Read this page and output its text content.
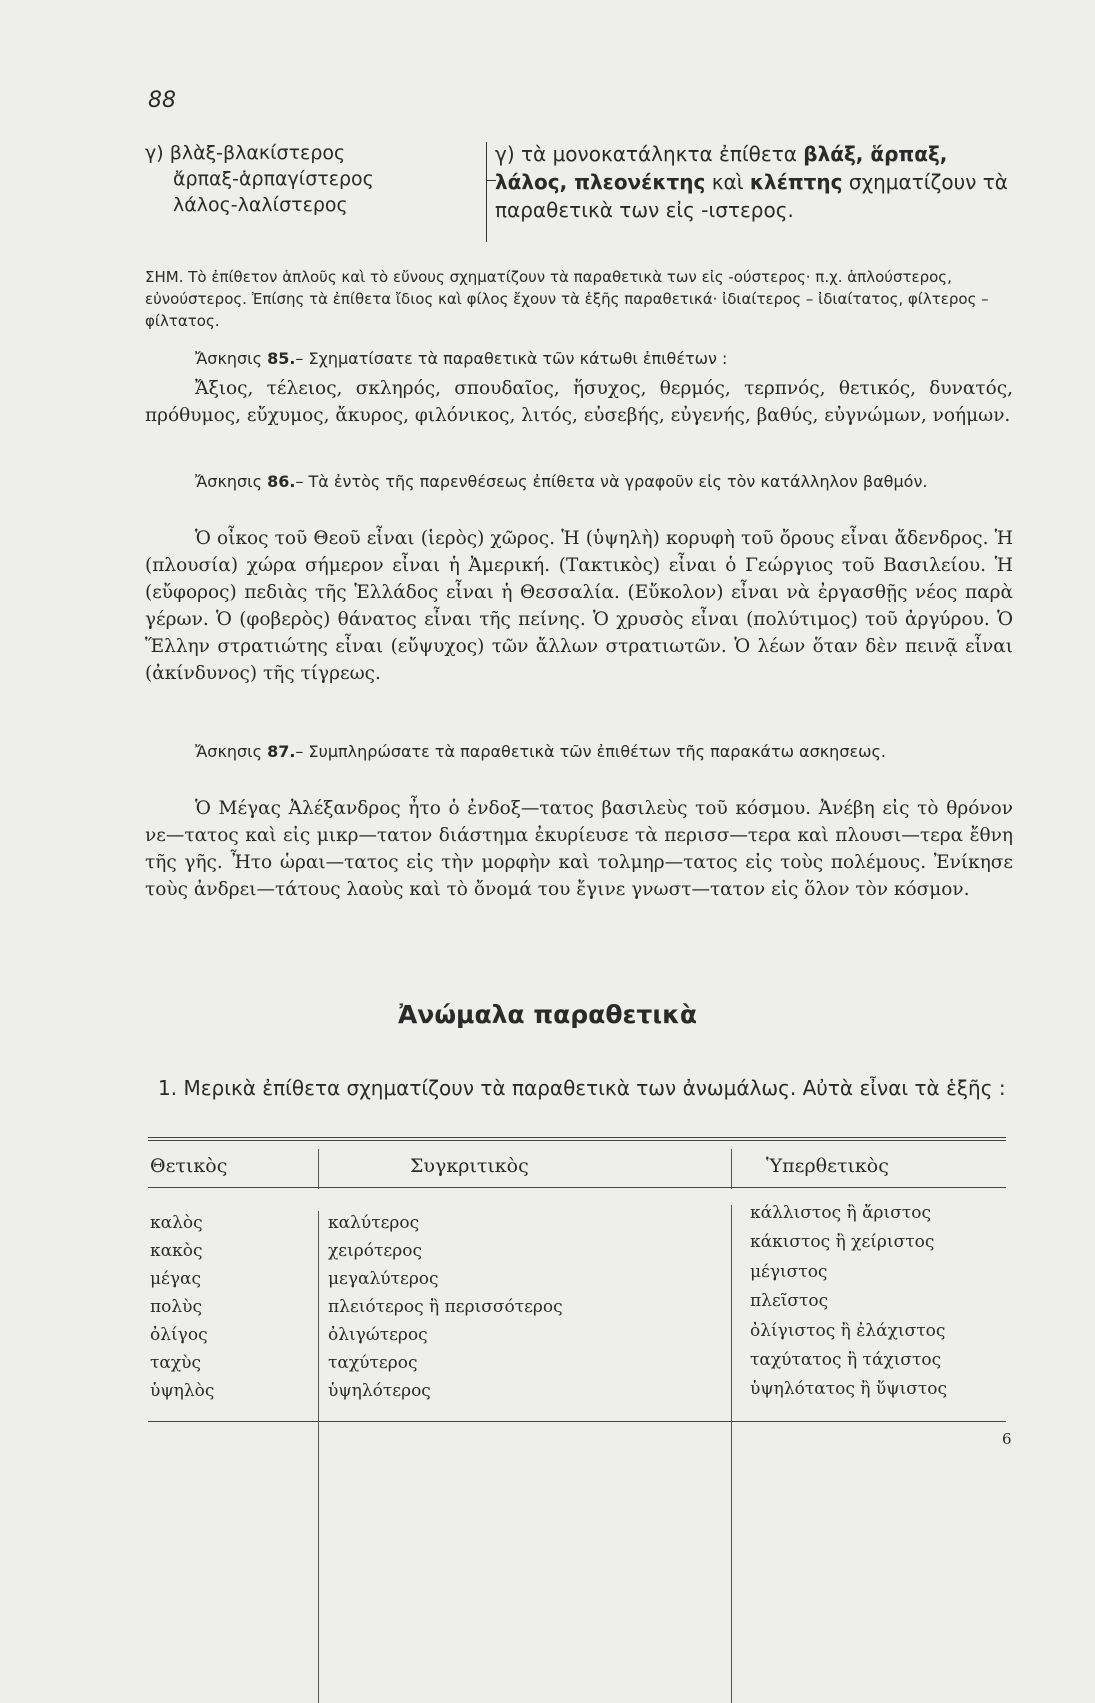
88
γ) βλὰξ-βλακίστερος
ἄρπαξ-ἁρπαγίστερος
λάλος-λαλίστερος
γ) τὰ μονοκατάληκτα ἐπίθετα βλάξ, ἅρπαξ, λάλος, πλεονέκτης καὶ κλέπτης σχηματίζουν τὰ παραθετικὰ των εἰς -ιστερος.
ΣΗΜ. Τὸ ἐπίθετον ἁπλοῦς καὶ τὸ εὔνους σχηματίζουν τὰ παραθετικὰ των εἰς -ούστερος· π.χ. ἁπλούστερος, εὐνούστερος. Ἐπίσης τὰ ἐπίθετα ἴδιος καὶ φίλος ἔχουν τὰ ἑξῆς παραθετικά· ἰδιαίτερος – ἰδιαίτατος, φίλτερος – φίλτατος.
Ἄσκησις 85.– Σχηματίσατε τὰ παραθετικὰ τῶν κάτωθι ἐπιθέτων :
Ἄξιος, τέλειος, σκληρός, σπουδαῖος, ἥσυχος, θερμός, τερπνός, θετικός, δυνατός, πρόθυμος, εὔχυμος, ἄκυρος, φιλόνικος, λιτός, εὐσεβής, εὐγενής, βαθύς, εὐγνώμων, νοήμων.
Ἄσκησις 86.– Τὰ ἐντὸς τῆς παρενθέσεως ἐπίθετα νὰ γραφοῦν εἰς τὸν κατάλληλον βαθμόν.
Ὁ οἶκος τοῦ Θεοῦ εἶναι (ἱερὸς) χῶρος. Ἡ (ὑψηλὴ) κορυφὴ τοῦ ὄρους εἶναι ἄδενδρος. Ἡ (πλουσία) χώρα σήμερον εἶναι ἡ Ἀμερική. (Τακτικὸς) εἶναι ὁ Γεώργιος τοῦ Βασιλείου. Ἡ (εὔφορος) πεδιὰς τῆς Ἑλλάδος εἶναι ἡ Θεσσαλία. (Εὔκολον) εἶναι νὰ ἐργασθῇς νέος παρὰ γέρων. Ὁ (φοβερὸς) θάνατος εἶναι τῆς πείνης. Ὁ χρυσὸς εἶναι (πολύτιμος) τοῦ ἀργύρου. Ὁ Ἕλλην στρατιώτης εἶναι (εὔψυχος) τῶν ἄλλων στρατιωτῶν. Ὁ λέων ὅταν δὲν πεινᾷ εἶναι (ἀκίνδυνος) τῆς τίγρεως.
Ἄσκησις 87.– Συμπληρώσατε τὰ παραθετικὰ τῶν ἐπιθέτων τῆς παρακάτω ασκησεως.
Ὁ Μέγας Ἀλέξανδρος ἦτο ὁ ἐνδοξ—τατος βασιλεὺς τοῦ κόσμου. Ἀνέβη εἰς τὸ θρόνον νε—τατος καὶ εἰς μικρ—τατον διάστημα ἐκυρίευσε τὰ περισσ—τερα καὶ πλουσι—τερα ἔθνη τῆς γῆς. Ἦτο ὡραι—τατος εἰς τὴν μορφὴν καὶ τολμηρ—τατος εἰς τοὺς πολέμους. Ἐνίκησε τοὺς ἀνδρει—τάτους λαοὺς καὶ τὸ ὄνομά του ἔγινε γνωστ—τατον εἰς ὅλον τὸν κόσμον.
Ἀνώμαλα παραθετικὰ
1. Μερικὰ ἐπίθετα σχηματίζουν τὰ παραθετικὰ των ἀνωμάλως. Αὐτὰ εἶναι τὰ ἑξῆς :
Θετικὸς	Συγκριτικὸς	Ὑπερθετικὸς
καλὸς	καλύτερος	κάλλιστος ἢ ἄριστος
κακὸς	χειρότερος	κάκιστος ἢ χείριστος
μέγας	μεγαλύτερος	μέγιστος
πολὺς	πλειότερος ἢ περισσότερος	πλεῖστος
ὀλίγος	ὀλιγώτερος	ὀλίγιστος ἢ ἐλάχιστος
ταχὺς	ταχύτερος	ταχύτατος ἢ τάχιστος
ὑψηλὸς	ὑψηλότερος	ὑψηλότατος ἢ ὕψιστος
6
